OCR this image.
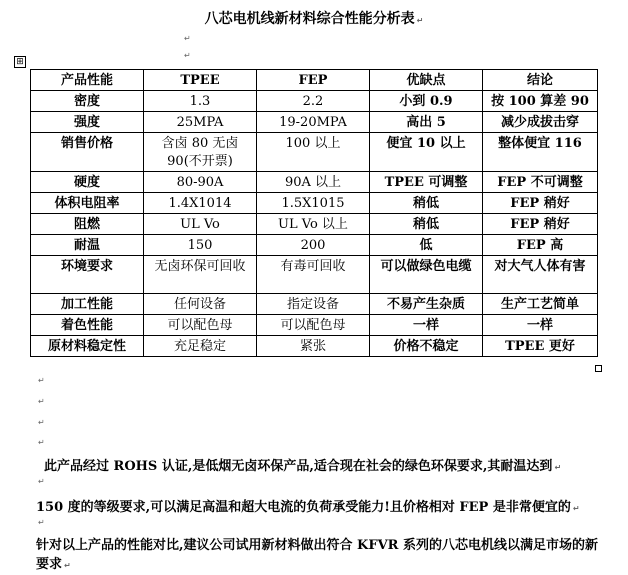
八芯电机线新材料综合性能分析表 ↵
↵
↵
⊞
产品性能	TPEE	FEP	优缺点	结论
密度	1.3	2.2	小到 0.9	按 100 算差 90
强度	25MPA	19-20MPA	高出 5	减少成拔击穿
销售价格	含卤 80 无卤 90(不开票)	100 以上	便宜 10 以上	整体便宜 116
硬度	80-90A	90A 以上	TPEE 可调整	FEP 不可调整
体积电阻率	1.4X1014	1.5X1015	稍低	FEP 稍好
阻燃	UL Vo	UL Vo 以上	稍低	FEP 稍好
耐温	150	200	低	FEP 高
环境要求	无卤环保可回收	有毒可回收	可以做绿色电缆	对大气人体有害
加工性能	任何设备	指定设备	不易产生杂质	生产工艺简单
着色性能	可以配色母	可以配色母	一样	一样
原材料稳定性	充足稳定	紧张	价格不稳定	TPEE 更好
↵
↵
↵
↵
此产品经过 ROHS 认证,是低烟无卤环保产品,适合现在社会的绿色环保要求,其耐温达到 ↵
↵
150 度的等级要求,可以满足高温和超大电流的负荷承受能力!且价格相对 FEP 是非常便宜的 ↵
↵
针对以上产品的性能对比,建议公司试用新材料做出符合 KFVR 系列的八芯电机线以满足市场的新要求 ↵
